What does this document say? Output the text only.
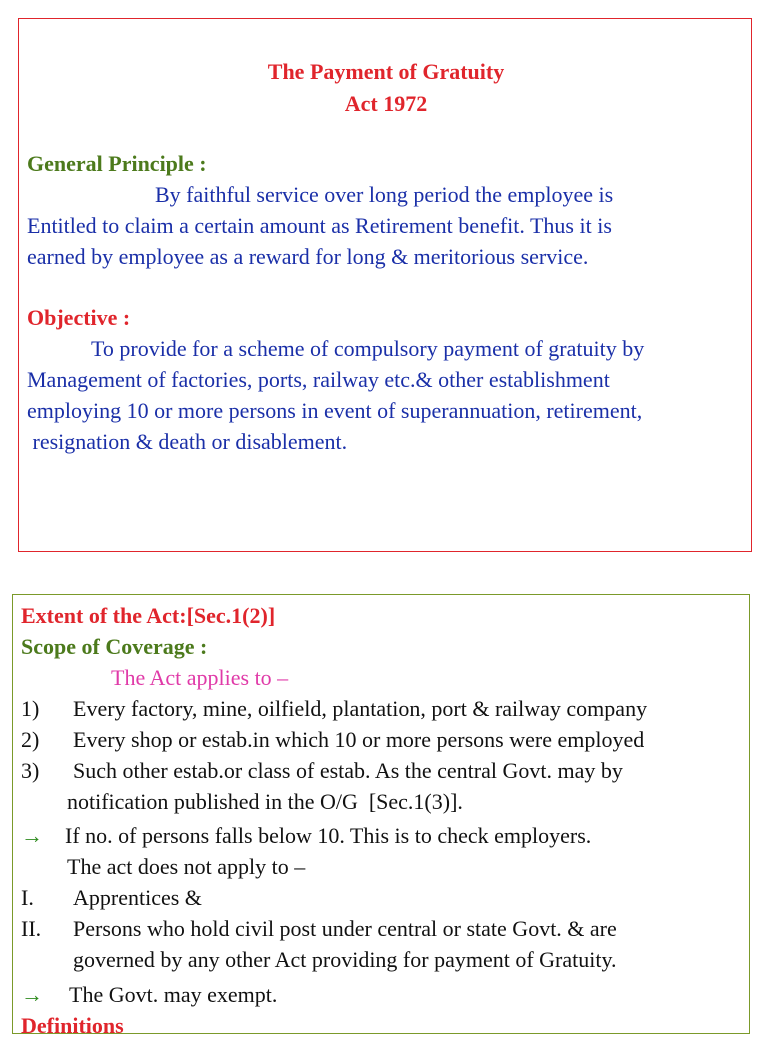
The Payment of Gratuity
Act 1972
General Principle :
By faithful service over long period the employee is
Entitled to claim a certain amount as Retirement benefit. Thus it is
earned by employee as a reward for long & meritorious service.
Objective :
To provide for a scheme of compulsory payment of gratuity by
Management of factories, ports, railway etc.& other establishment
employing 10 or more persons in event of superannuation, retirement,
resignation & death or disablement.
Extent of the Act:[Sec.1(2)]
Scope of Coverage :
The Act applies to –
1) Every factory, mine, oilfield, plantation, port & railway company
2) Every shop or estab.in which 10 or more persons were employed
3) Such other estab.or class of estab. As the central Govt. may by
notification published in the O/G  [Sec.1(3)].
→ If no. of persons falls below 10. This is to check employers.
The act does not apply to –
I. Apprentices &
II. Persons who hold civil post under central or state Govt. & are
governed by any other Act providing for payment of Gratuity.
→ The Govt. may exempt.
Definitions
